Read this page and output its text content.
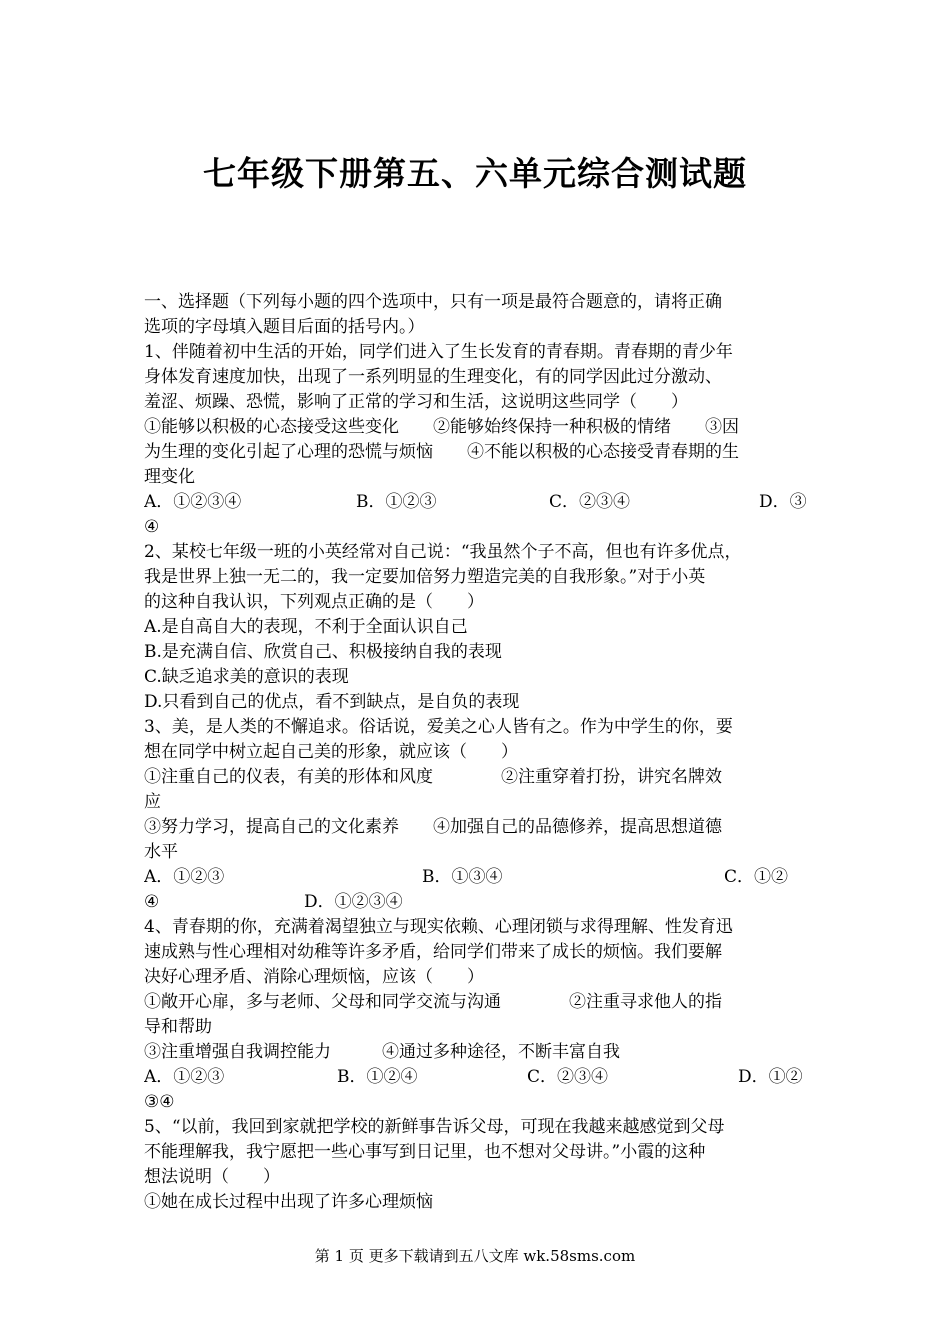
七年级下册第五、六单元综合测试题
一、选择题（下列每小题的四个选项中，只有一项是最符合题意的，请将正确
选项的字母填入题目后面的括号内。）
1、伴随着初中生活的开始，同学们进入了生长发育的青春期。青春期的青少年
身体发育速度加快，出现了一系列明显的生理变化，有的同学因此过分激动、
羞涩、烦躁、恐慌，影响了正常的学习和生活，这说明这些同学（　　）
①能够以积极的心态接受这些变化　　②能够始终保持一种积极的情绪　　③因
为生理的变化引起了心理的恐慌与烦恼　　④不能以积极的心态接受青春期的生
理变化
A．①②③④	B．①②③	C．②③④	D．③
④
2、某校七年级一班的小英经常对自己说：“我虽然个子不高，但也有许多优点，
我是世界上独一无二的，我一定要加倍努力塑造完美的自我形象。”对于小英
的这种自我认识，下列观点正确的是（　　）
A.是自高自大的表现，不利于全面认识自己
B.是充满自信、欣赏自己、积极接纳自我的表现
C.缺乏追求美的意识的表现
D.只看到自己的优点，看不到缺点，是自负的表现
3、美，是人类的不懈追求。俗话说，爱美之心人皆有之。作为中学生的你，要
想在同学中树立起自己美的形象，就应该（　　）
①注重自己的仪表，有美的形体和风度　　　　②注重穿着打扮，讲究名牌效
应
③努力学习，提高自己的文化素养　　④加强自己的品德修养，提高思想道德
水平
A．①②③	B．①③④	C．①②
④	D．①②③④
4、青春期的你，充满着渴望独立与现实依赖、心理闭锁与求得理解、性发育迅
速成熟与性心理相对幼稚等许多矛盾，给同学们带来了成长的烦恼。我们要解
决好心理矛盾、消除心理烦恼，应该（　　）
①敞开心扉，多与老师、父母和同学交流与沟通　　　　②注重寻求他人的指
导和帮助
③注重增强自我调控能力　　　④通过多种途径，不断丰富自我
A．①②③	B．①②④	C．②③④	D．①②
③④
5、“以前，我回到家就把学校的新鲜事告诉父母，可现在我越来越感觉到父母
不能理解我，我宁愿把一些心事写到日记里，也不想对父母讲。”小霞的这种
想法说明（　　）
①她在成长过程中出现了许多心理烦恼
第 1 页 更多下载请到五八文库 wk.58sms.com
